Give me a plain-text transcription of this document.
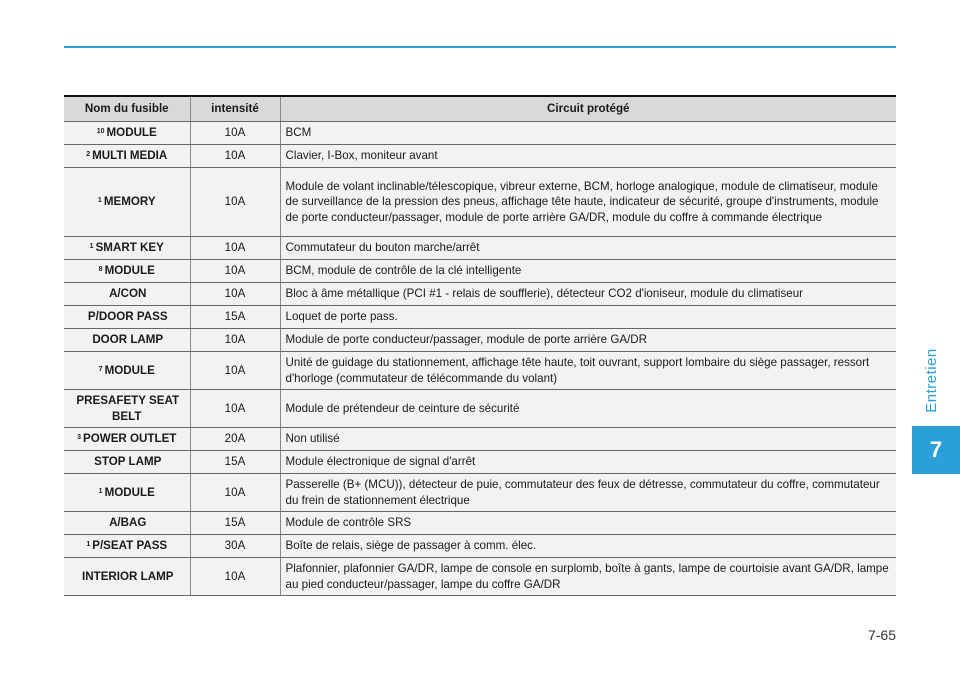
Nom du fusible	intensité	Circuit protégé
$^{10}$ MODULE	10A	BCM
$^2$ MULTI MEDIA	10A	Clavier, I-Box, moniteur avant
$^1$ MEMORY	10A	Module de volant inclinable/télescopique, vibreur externe, BCM, horloge analogique, module de climatiseur, module de surveillance de la pression des pneus, affichage tête haute, indicateur de sécurité, groupe d'instruments, module de porte conducteur/passager, module de porte arrière GA/DR, module du coffre à commande électrique
$^1$ SMART KEY	10A	Commutateur du bouton marche/arrêt
$^8$ MODULE	10A	BCM, module de contrôle de la clé intelligente
A/CON	10A	Bloc à âme métallique (PCI #1 - relais de soufflerie), détecteur CO2 d'ioniseur, module du climatiseur
P/DOOR PASS	15A	Loquet de porte pass.
DOOR LAMP	10A	Module de porte conducteur/passager, module de porte arrière GA/DR
$^7$ MODULE	10A	Unité de guidage du stationnement, affichage tête haute, toit ouvrant, support lombaire du siège passager, ressort d'horloge (commutateur de télécommande du volant)
PRESAFETY SEAT BELT	10A	Module de prétendeur de ceinture de sécurité
$^3$ POWER OUTLET	20A	Non utilisé
STOP LAMP	15A	Module électronique de signal d'arrêt
$^1$ MODULE	10A	Passerelle (B+ (MCU)), détecteur de puie, commutateur des feux de détresse, commutateur du coffre, commutateur du frein de stationnement électrique
A/BAG	15A	Module de contrôle SRS
$^1$ P/SEAT PASS	30A	Boîte de relais, siège de passager à comm. élec.
INTERIOR LAMP	10A	Plafonnier, plafonnier GA/DR, lampe de console en surplomb, boîte à gants, lampe de courtoisie avant GA/DR, lampe au pied conducteur/passager, lampe du coffre GA/DR
Entretien
7
7-65
